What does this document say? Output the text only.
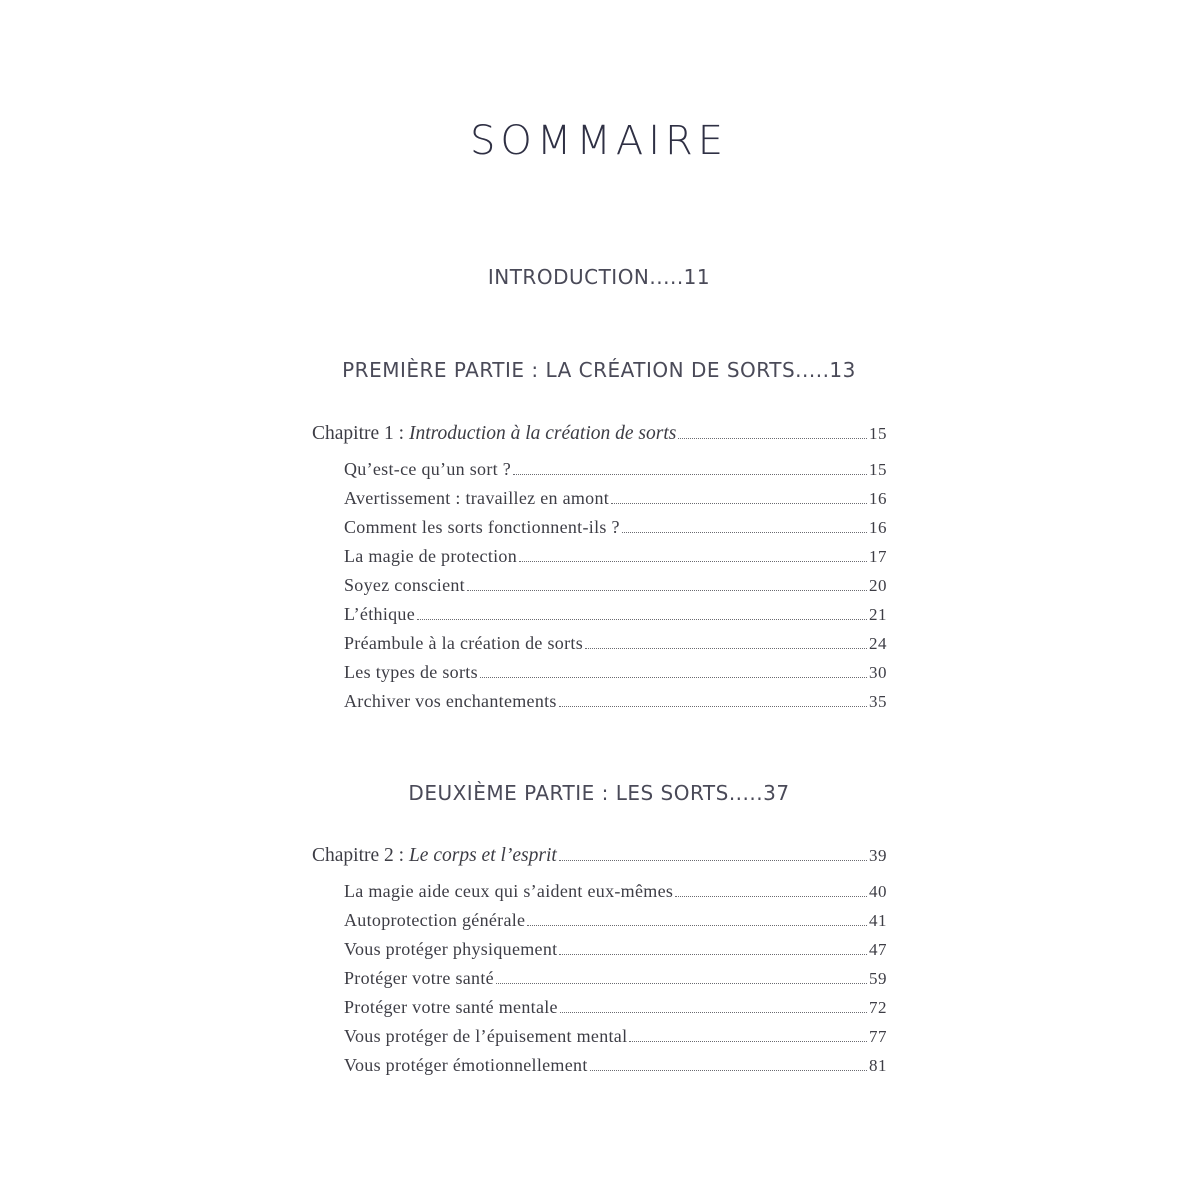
SOMMAIRE
INTRODUCTION.....11
PREMIÈRE PARTIE : LA CRÉATION DE SORTS.....13
Chapitre 1 : Introduction à la création de sorts	15
Qu’est-ce qu’un sort ?	15
Avertissement : travaillez en amont	16
Comment les sorts fonctionnent-ils ?	16
La magie de protection	17
Soyez conscient	20
L’éthique	21
Préambule à la création de sorts	24
Les types de sorts	30
Archiver vos enchantements	35
DEUXIÈME PARTIE : LES SORTS.....37
Chapitre 2 : Le corps et l’esprit	39
La magie aide ceux qui s’aident eux-mêmes	40
Autoprotection générale	41
Vous protéger physiquement	47
Protéger votre santé	59
Protéger votre santé mentale	72
Vous protéger de l’épuisement mental	77
Vous protéger émotionnellement	81
